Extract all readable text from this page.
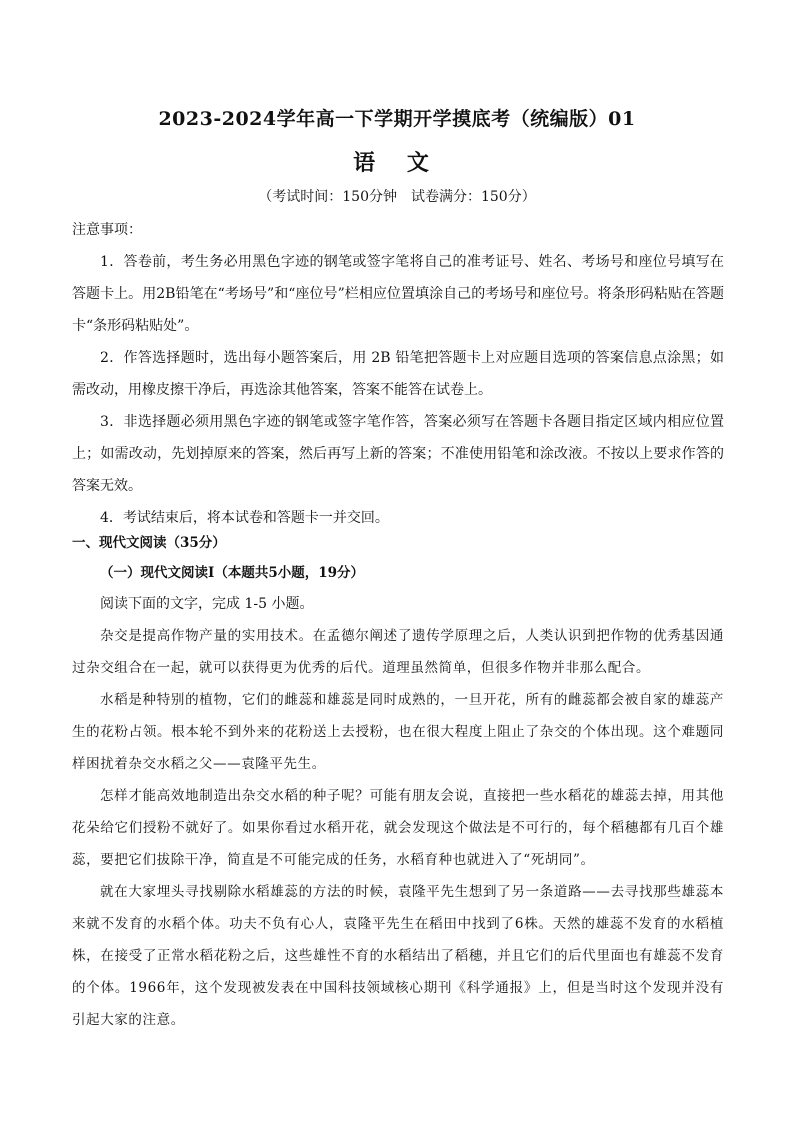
2023-2024学年高一下学期开学摸底考（统编版）01
语 文
（考试时间：150分钟　试卷满分：150分）

注意事项：

1．答卷前，考生务必用黑色字迹的钢笔或签字笔将自己的准考证号、姓名、考场号和座位号填写在答题卡上。用2B铅笔在“考场号”和“座位号”栏相应位置填涂自己的考场号和座位号。将条形码粘贴在答题卡“条形码粘贴处”。

2．作答选择题时，选出每小题答案后，用 2B 铅笔把答题卡上对应题目选项的答案信息点涂黑；如需改动，用橡皮擦干净后，再选涂其他答案，答案不能答在试卷上。

3．非选择题必须用黑色字迹的钢笔或签字笔作答，答案必须写在答题卡各题目指定区域内相应位置上；如需改动，先划掉原来的答案，然后再写上新的答案；不准使用铅笔和涂改液。不按以上要求作答的答案无效。

4．考试结束后，将本试卷和答题卡一并交回。

一、现代文阅读（35分）

（一）现代文阅读Ⅰ（本题共5小题，19分）

阅读下面的文字，完成 1-5 小题。

杂交是提高作物产量的实用技术。在孟德尔阐述了遗传学原理之后，人类认识到把作物的优秀基因通过杂交组合在一起，就可以获得更为优秀的后代。道理虽然简单，但很多作物并非那么配合。

水稻是种特别的植物，它们的雌蕊和雄蕊是同时成熟的，一旦开花，所有的雌蕊都会被自家的雄蕊产生的花粉占领。根本轮不到外来的花粉送上去授粉，也在很大程度上阻止了杂交的个体出现。这个难题同样困扰着杂交水稻之父——袁隆平先生。

怎样才能高效地制造出杂交水稻的种子呢？可能有朋友会说，直接把一些水稻花的雄蕊去掉，用其他花朵给它们授粉不就好了。如果你看过水稻开花，就会发现这个做法是不可行的，每个稻穗都有几百个雄蕊，要把它们拔除干净，简直是不可能完成的任务，水稻育种也就进入了“死胡同”。

就在大家埋头寻找剔除水稻雄蕊的方法的时候，袁隆平先生想到了另一条道路——去寻找那些雄蕊本来就不发育的水稻个体。功夫不负有心人，袁隆平先生在稻田中找到了6株。天然的雄蕊不发育的水稻植株，在接受了正常水稻花粉之后，这些雄性不育的水稻结出了稻穗，并且它们的后代里面也有雄蕊不发育的个体。1966年，这个发现被发表在中国科技领域核心期刊《科学通报》上，但是当时这个发现并没有引起大家的注意。
